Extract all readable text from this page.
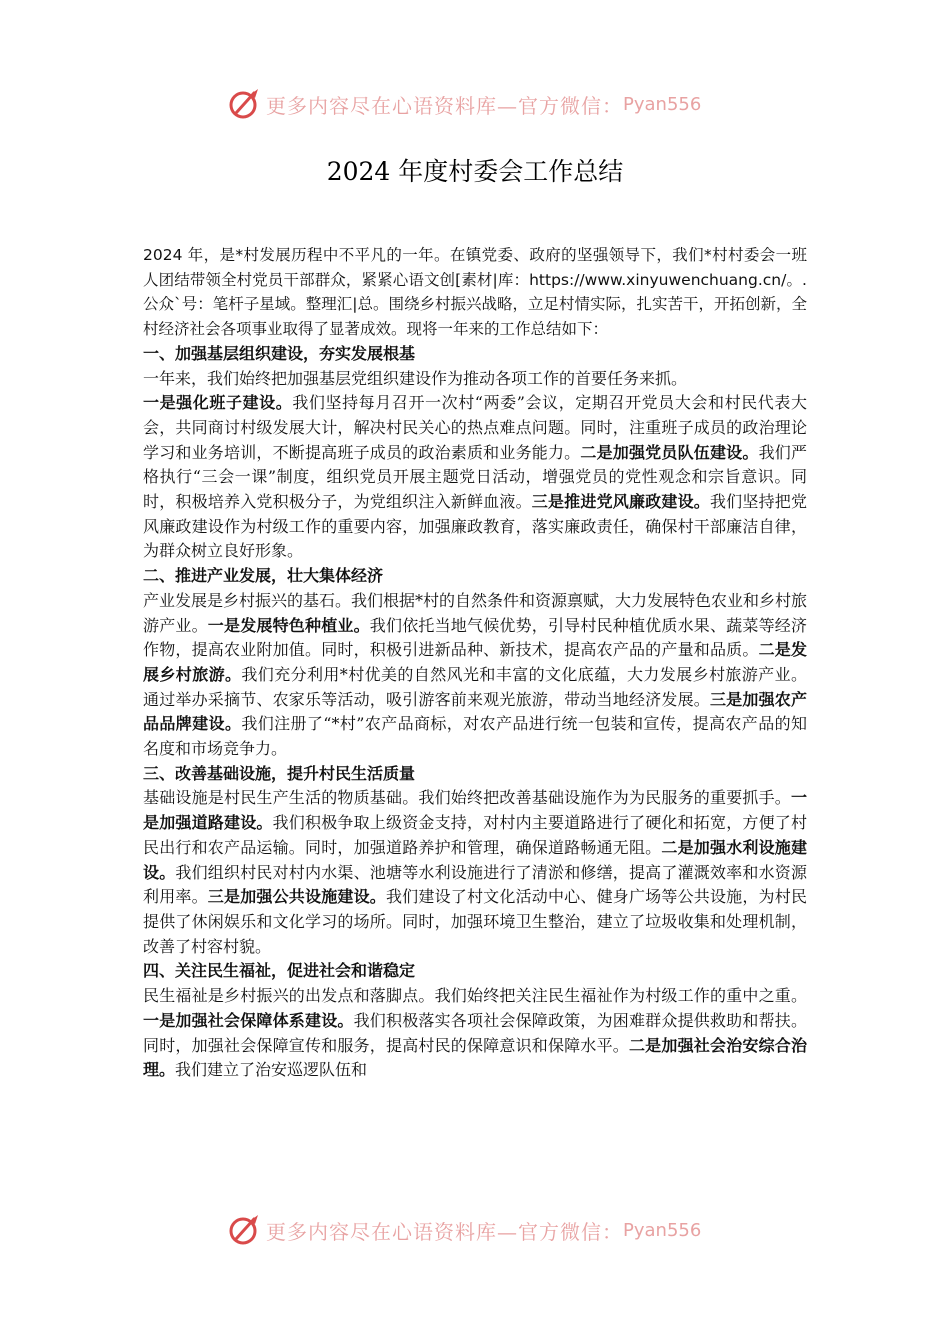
更多内容尽在心语资料库—官方微信： Pyan556
2024 年度村委会工作总结

2024 年，是*村发展历程中不平凡的一年。在镇党委、政府的坚强领导下，我们*村村委会一班人团结带领全村党员干部群众，紧紧心语文创[素材|库：https://www.xinyuwenchuang.cn/。.公众`号：笔杆子星域。整理汇|总。围绕乡村振兴战略，立足村情实际，扎实苦干，开拓创新，全村经济社会各项事业取得了显著成效。现将一年来的工作总结如下：

一、加强基层组织建设，夯实发展根基

一年来，我们始终把加强基层党组织建设作为推动各项工作的首要任务来抓。

一是强化班子建设。我们坚持每月召开一次村“两委”会议，定期召开党员大会和村民代表大会，共同商讨村级发展大计，解决村民关心的热点难点问题。同时，注重班子成员的政治理论学习和业务培训，不断提高班子成员的政治素质和业务能力。二是加强党员队伍建设。我们严格执行“三会一课”制度，组织党员开展主题党日活动，增强党员的党性观念和宗旨意识。同时，积极培养入党积极分子，为党组织注入新鲜血液。三是推进党风廉政建设。我们坚持把党风廉政建设作为村级工作的重要内容，加强廉政教育，落实廉政责任，确保村干部廉洁自律，为群众树立良好形象。

二、推进产业发展，壮大集体经济

产业发展是乡村振兴的基石。我们根据*村的自然条件和资源禀赋，大力发展特色农业和乡村旅游产业。一是发展特色种植业。我们依托当地气候优势，引导村民种植优质水果、蔬菜等经济作物，提高农业附加值。同时，积极引进新品种、新技术，提高农产品的产量和品质。二是发展乡村旅游。我们充分利用*村优美的自然风光和丰富的文化底蕴，大力发展乡村旅游产业。通过举办采摘节、农家乐等活动，吸引游客前来观光旅游，带动当地经济发展。三是加强农产品品牌建设。我们注册了“*村”农产品商标，对农产品进行统一包装和宣传，提高农产品的知名度和市场竞争力。

三、改善基础设施，提升村民生活质量

基础设施是村民生产生活的物质基础。我们始终把改善基础设施作为为民服务的重要抓手。一是加强道路建设。我们积极争取上级资金支持，对村内主要道路进行了硬化和拓宽，方便了村民出行和农产品运输。同时，加强道路养护和管理，确保道路畅通无阻。二是加强水利设施建设。我们组织村民对村内水渠、池塘等水利设施进行了清淤和修缮，提高了灌溉效率和水资源利用率。三是加强公共设施建设。我们建设了村文化活动中心、健身广场等公共设施，为村民提供了休闲娱乐和文化学习的场所。同时，加强环境卫生整治，建立了垃圾收集和处理机制，改善了村容村貌。

四、关注民生福祉，促进社会和谐稳定

民生福祉是乡村振兴的出发点和落脚点。我们始终把关注民生福祉作为村级工作的重中之重。一是加强社会保障体系建设。我们积极落实各项社会保障政策，为困难群众提供救助和帮扶。同时，加强社会保障宣传和服务，提高村民的保障意识和保障水平。二是加强社会治安综合治理。我们建立了治安巡逻队伍和

更多内容尽在心语资料库—官方微信： Pyan556
